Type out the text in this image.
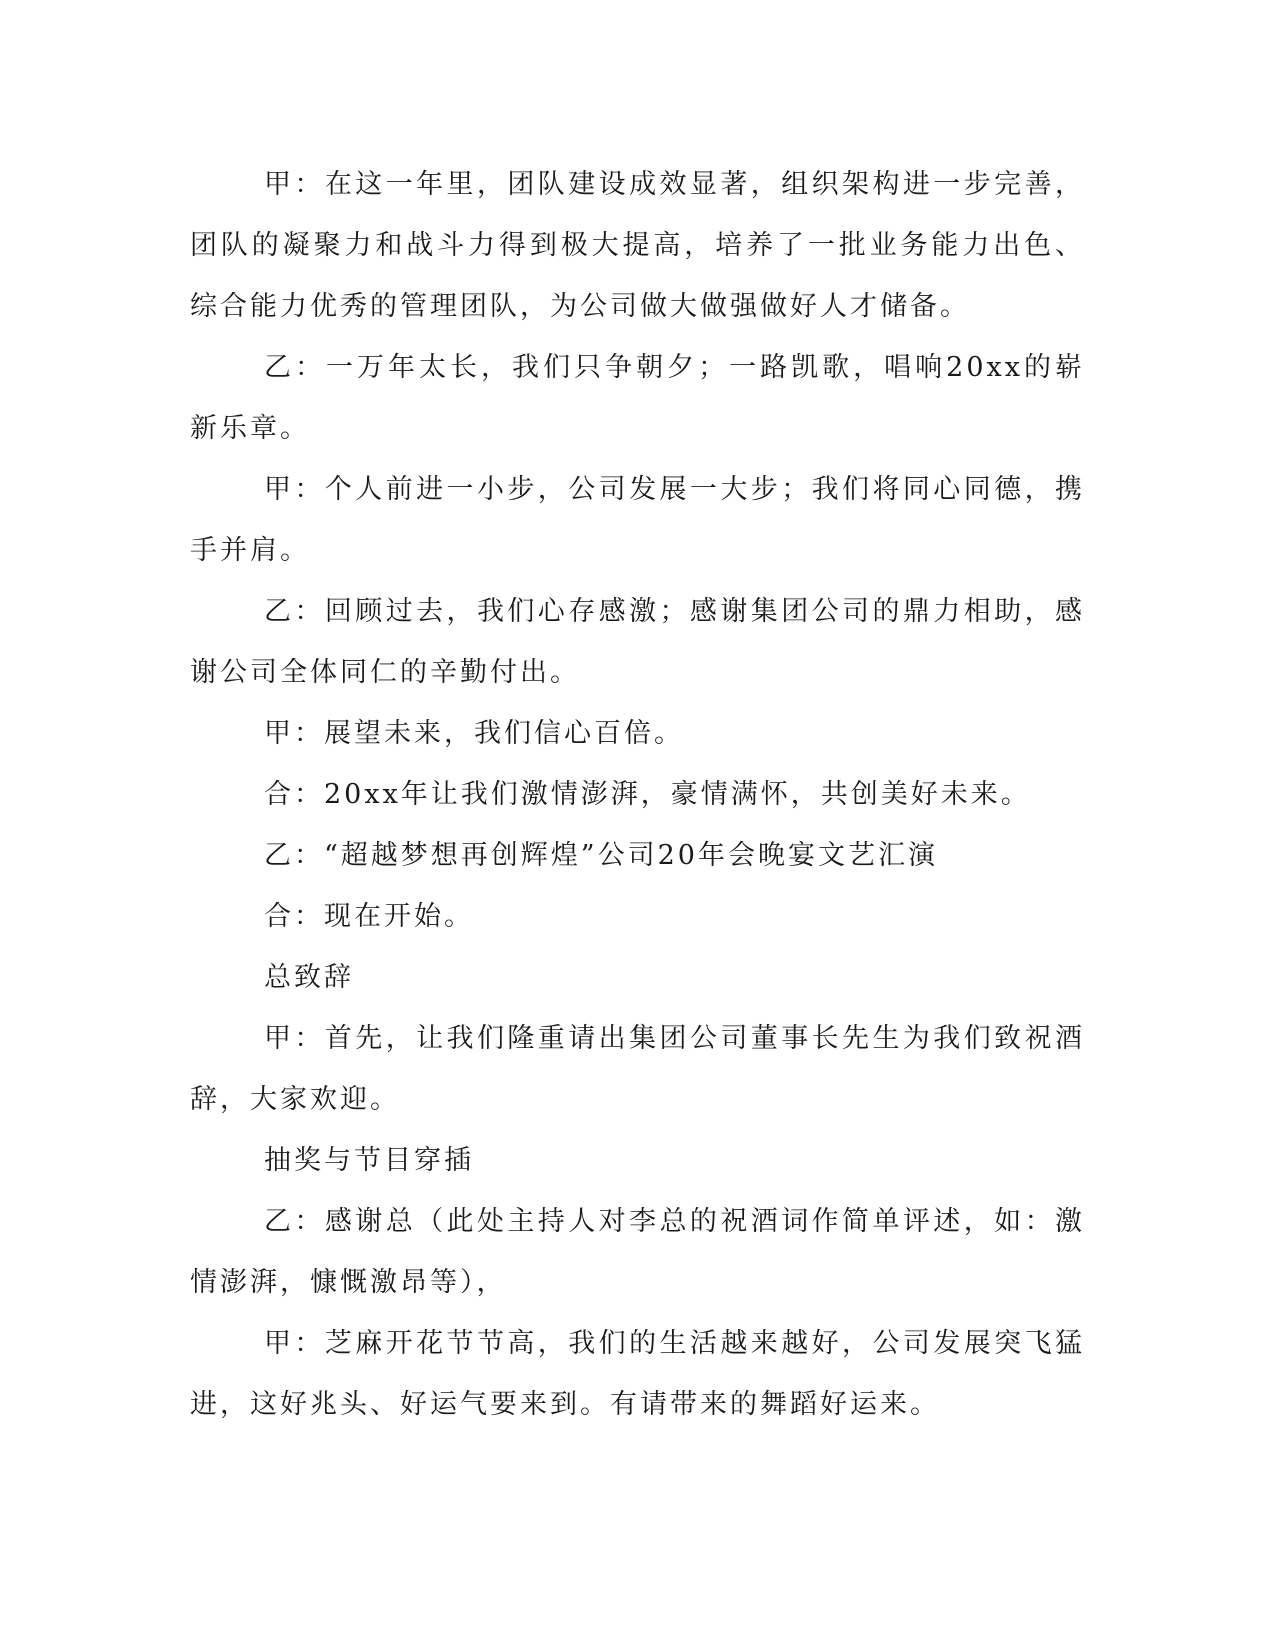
甲：在这一年里，团队建设成效显著，组织架构进一步完善，团队的凝聚力和战斗力得到极大提高，培养了一批业务能力出色、综合能力优秀的管理团队，为公司做大做强做好人才储备。

乙：一万年太长，我们只争朝夕；一路凯歌，唱响20xx的崭新乐章。

甲：个人前进一小步，公司发展一大步；我们将同心同德，携手并肩。

乙：回顾过去，我们心存感激；感谢集团公司的鼎力相助，感谢公司全体同仁的辛勤付出。

甲：展望未来，我们信心百倍。

合：20xx年让我们激情澎湃，豪情满怀，共创美好未来。

乙：“超越梦想再创辉煌”公司20年会晚宴文艺汇演

合：现在开始。

总致辞

甲：首先，让我们隆重请出集团公司董事长先生为我们致祝酒辞，大家欢迎。

抽奖与节目穿插

乙：感谢总（此处主持人对李总的祝酒词作简单评述，如：激情澎湃，慷慨激昂等），

甲：芝麻开花节节高，我们的生活越来越好，公司发展突飞猛进，这好兆头、好运气要来到。有请带来的舞蹈好运来。
